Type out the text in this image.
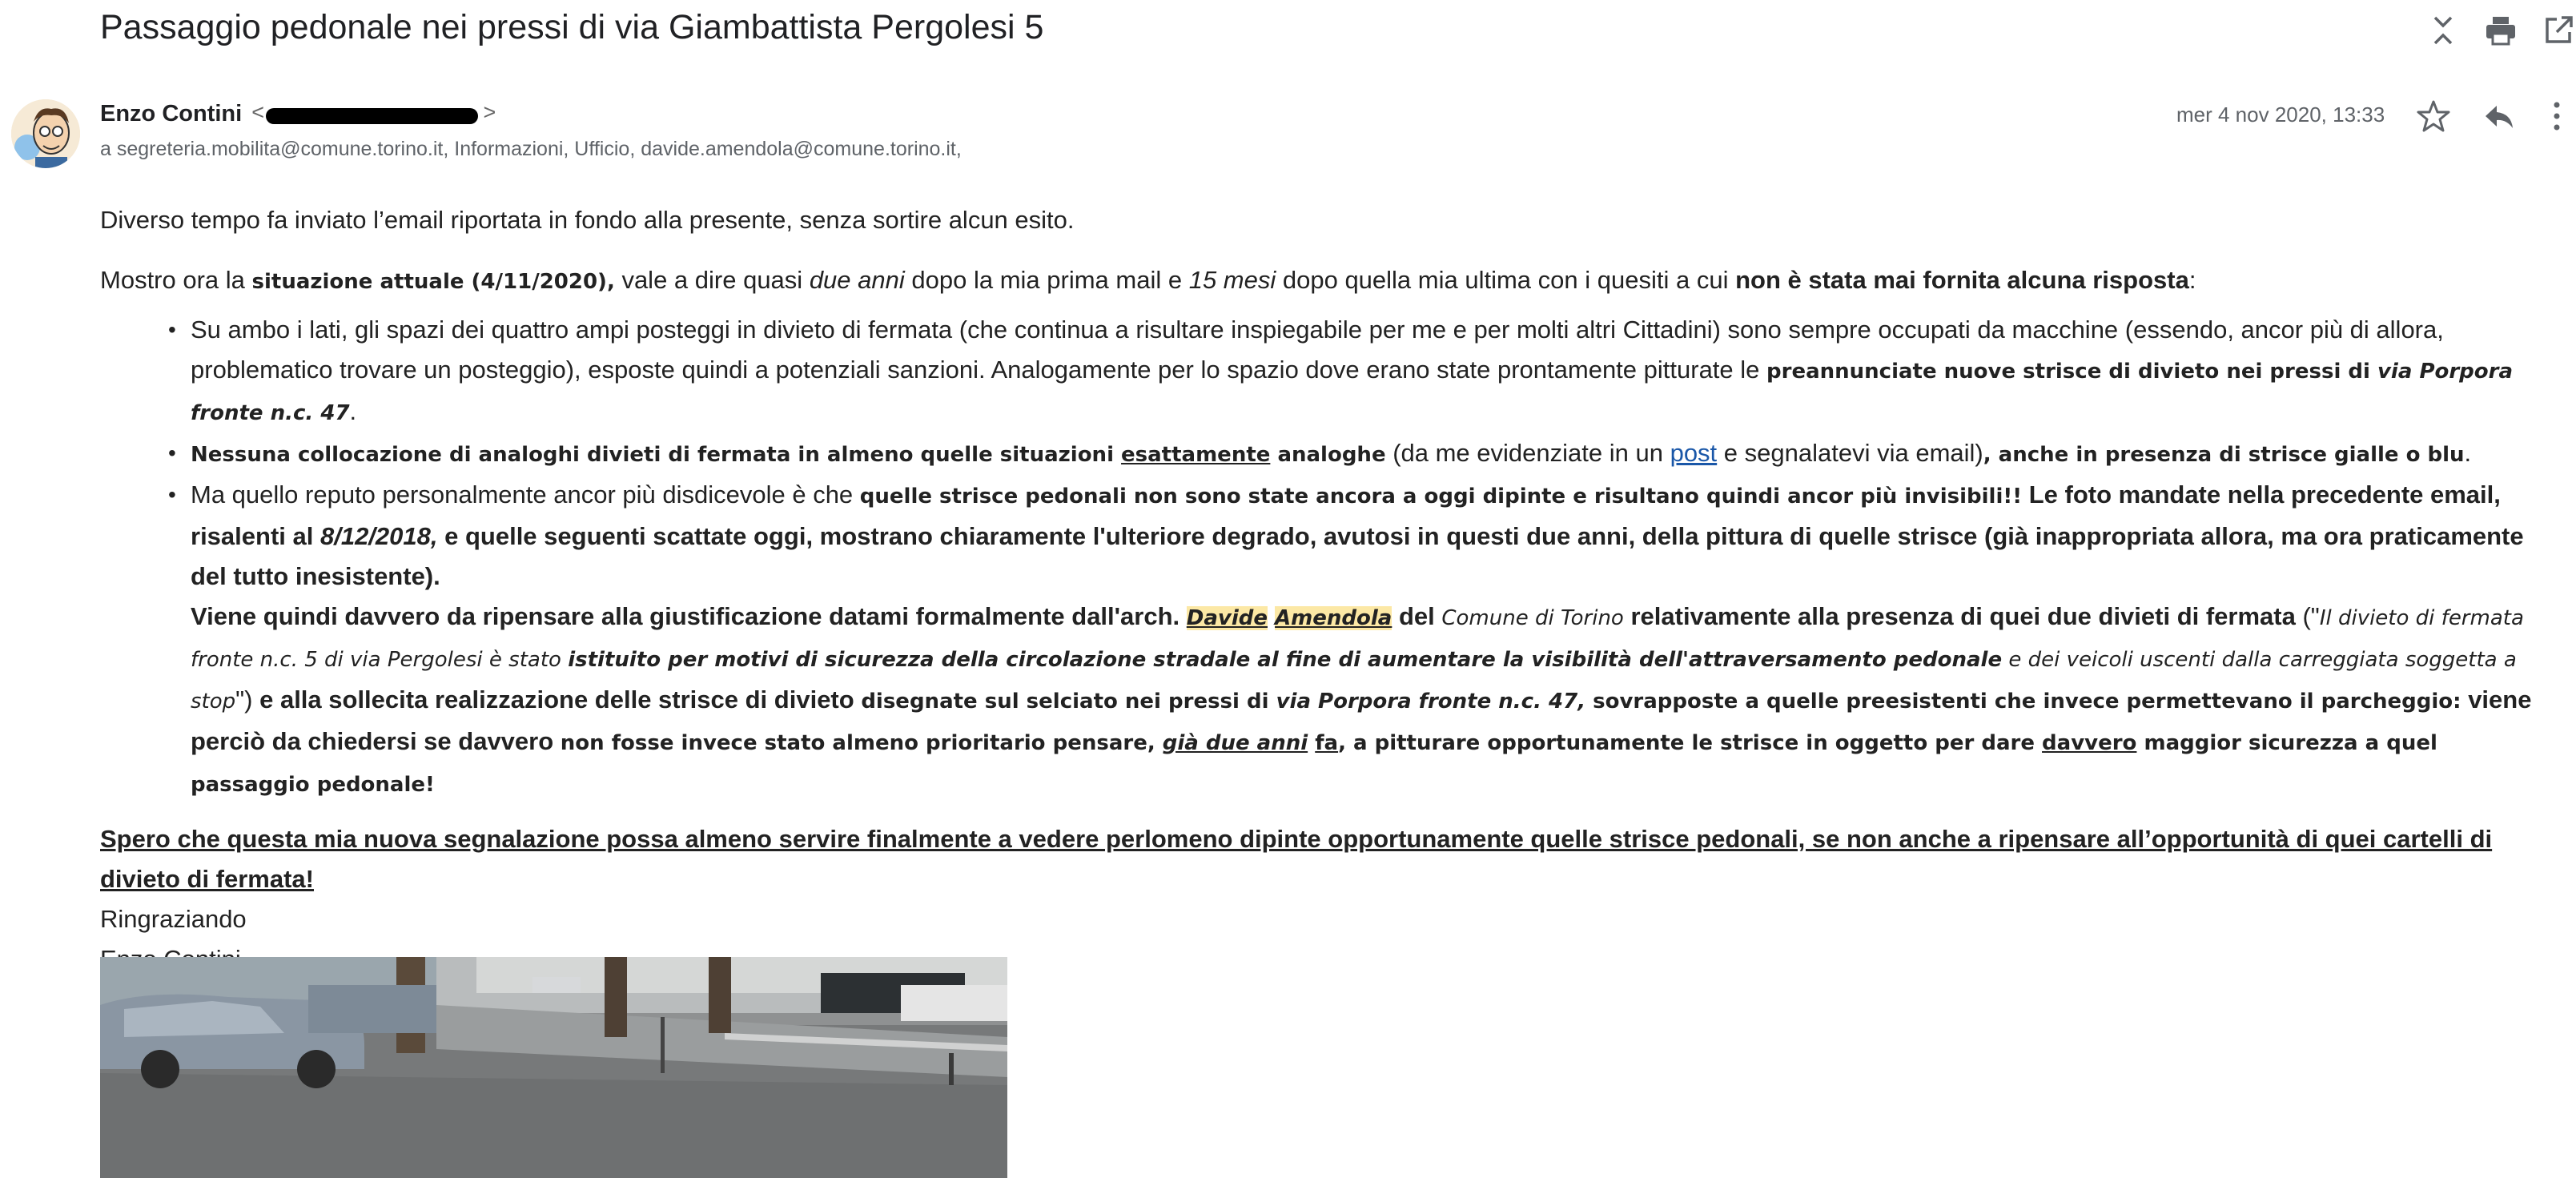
Passaggio pedonale nei pressi di via Giambattista Pergolesi 5
Enzo Contini <	>
a segreteria.mobilita@comune.torino.it, Informazioni, Ufficio, davide.amendola@comune.torino.it,
mer 4 nov 2020, 13:33

Diverso tempo fa inviato l’email riportata in fondo alla presente, senza sortire alcun esito.

Mostro ora la situazione attuale (4/11/2020), vale a dire quasi due anni dopo la mia prima mail e 15 mesi dopo quella mia ultima con i quesiti a cui non è stata mai fornita alcuna risposta:

• Su ambo i lati, gli spazi dei quattro ampi posteggi in divieto di fermata (che continua a risultare inspiegabile per me e per molti altri Cittadini) sono sempre occupati da macchine (essendo, ancor più di allora, problematico trovare un posteggio), esposte quindi a potenziali sanzioni. Analogamente per lo spazio dove erano state prontamente pitturate le preannunciate nuove strisce di divieto nei pressi di via Porpora fronte n.c. 47.
• Nessuna collocazione di analoghi divieti di fermata in almeno quelle situazioni esattamente analoghe (da me evidenziate in un post e segnalatevi via email), anche in presenza di strisce gialle o blu.
• Ma quello reputo personalmente ancor più disdicevole è che quelle strisce pedonali non sono state ancora a oggi dipinte e risultano quindi ancor più invisibili!! Le foto mandate nella precedente email, risalenti al 8/12/2018, e quelle seguenti scattate oggi, mostrano chiaramente l'ulteriore degrado, avutosi in questi due anni, della pittura di quelle strisce (già inappropriata allora, ma ora praticamente del tutto inesistente).
Viene quindi davvero da ripensare alla giustificazione datami formalmente dall'arch. Davide Amendola del Comune di Torino relativamente alla presenza di quei due divieti di fermata ("Il divieto di fermata fronte n.c. 5 di via Pergolesi è stato istituito per motivi di sicurezza della circolazione stradale al fine di aumentare la visibilità dell'attraversamento pedonale e dei veicoli uscenti dalla carreggiata soggetta a stop") e alla sollecita realizzazione delle strisce di divieto disegnate sul selciato nei pressi di via Porpora fronte n.c. 47, sovrapposte a quelle preesistenti che invece permettevano il parcheggio: viene perciò da chiedersi se davvero non fosse invece stato almeno prioritario pensare, già due anni fa, a pitturare opportunamente le strisce in oggetto per dare davvero maggior sicurezza a quel passaggio pedonale!

Spero che questa mia nuova segnalazione possa almeno servire finalmente a vedere perlomeno dipinte opportunamente quelle strisce pedonali, se non anche a ripensare all’opportunità di quei cartelli di divieto di fermata!

Ringraziando
